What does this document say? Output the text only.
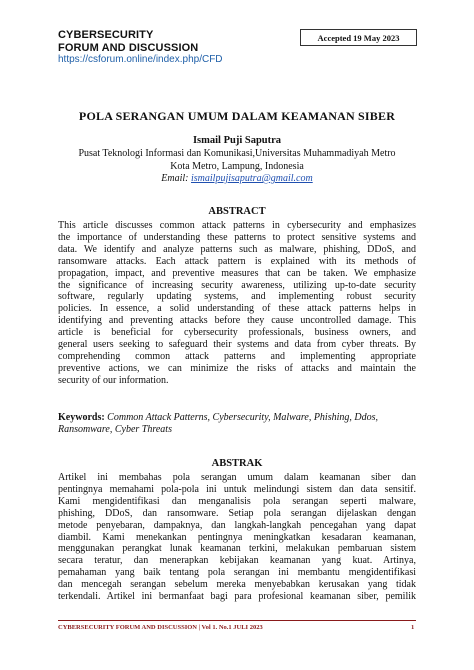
CYBERSECURITY
FORUM AND DISCUSSION
https://csforum.online/index.php/CFD
Accepted 19 May 2023
POLA SERANGAN UMUM DALAM KEAMANAN SIBER
Ismail Puji Saputra

Pusat Teknologi Informasi dan Komunikasi,Universitas Muhammadiyah Metro

Kota Metro, Lampung, Indonesia

Email: ismailpujisaputra@gmail.com

ABSTRACT
This article discusses common attack patterns in cybersecurity and emphasizes
the importance of understanding these patterns to protect sensitive systems and
data. We identify and analyze patterns such as malware, phishing, DDoS, and
ransomware attacks. Each attack pattern is explained with its methods of
propagation, impact, and preventive measures that can be taken. We emphasize
the significance of increasing security awareness, utilizing up-to-date security
software, regularly updating systems, and implementing robust security
policies. In essence, a solid understanding of these attack patterns helps in
identifying and preventing attacks before they cause uncontrolled damage. This
article is beneficial for cybersecurity professionals, business owners, and
general users seeking to safeguard their systems and data from cyber threats. By
comprehending common attack patterns and implementing appropriate
preventive actions, we can minimize the risks of attacks and maintain the
security of our information.
Keywords: Common Attack Patterns, Cybersecurity, Malware, Phishing, Ddos, Ransomware, Cyber Threats
ABSTRAK
Artikel ini membahas pola serangan umum dalam keamanan siber dan
pentingnya memahami pola-pola ini untuk melindungi sistem dan data sensitif.
Kami mengidentifikasi dan menganalisis pola serangan seperti malware,
phishing, DDoS, dan ransomware. Setiap pola serangan dijelaskan dengan
metode penyebaran, dampaknya, dan langkah-langkah pencegahan yang dapat
diambil. Kami menekankan pentingnya meningkatkan kesadaran keamanan,
menggunakan perangkat lunak keamanan terkini, melakukan pembaruan sistem
secara teratur, dan menerapkan kebijakan keamanan yang kuat. Artinya,
pemahaman yang baik tentang pola serangan ini membantu mengidentifikasi
dan mencegah serangan sebelum mereka menyebabkan kerusakan yang tidak
terkendali. Artikel ini bermanfaat bagi para profesional keamanan siber, pemilik
CYBERSECURITY FORUM AND DISCUSSION | Vol 1. No.1 JULI 2023	1
